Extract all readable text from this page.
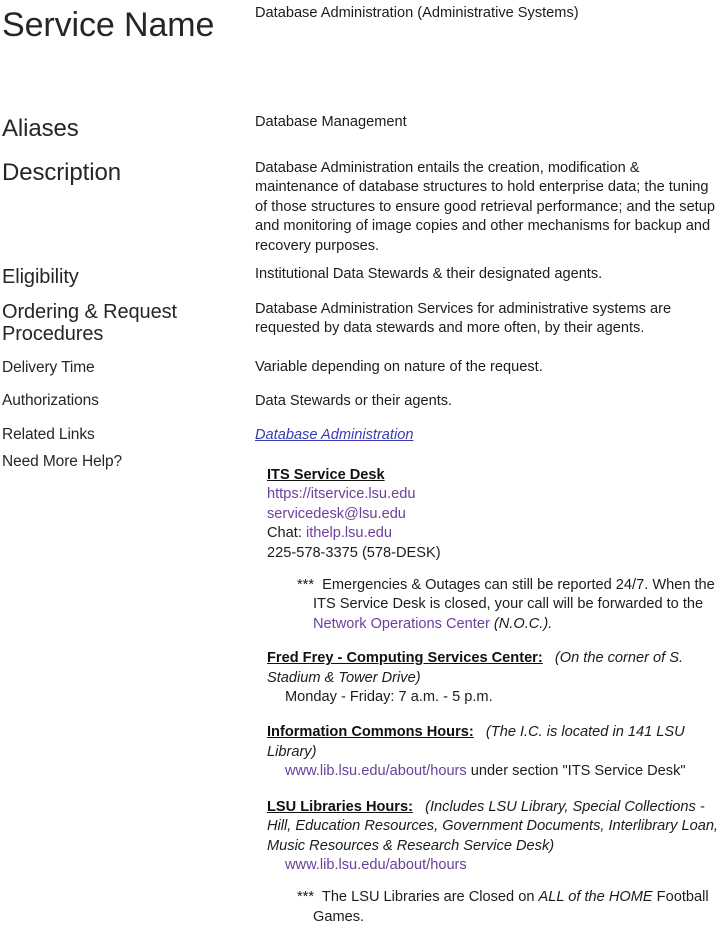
Service Name
Aliases
Description
Eligibility
Ordering & Request Procedures
Delivery Time
Authorizations
Related Links
Need More Help?
Database Administration (Administrative Systems)
Database Management
Database Administration entails the creation, modification & maintenance of database structures to hold enterprise data; the tuning of those structures to ensure good retrieval performance; and the setup and monitoring of image copies and other mechanisms for backup and recovery purposes.
Institutional Data Stewards & their designated agents.
Database Administration Services for administrative systems are requested by data stewards and more often, by their agents.
Variable depending on nature of the request.
Data Stewards or their agents.
Database Administration

ITS Service Desk

https://itservice.lsu.edu

servicedesk@lsu.edu

Chat: ithelp.lsu.edu

225-578-3375 (578-DESK)

*** Emergencies & Outages can still be reported 24/7. When the ITS Service Desk is closed, your call will be forwarded to the Network Operations Center (N.O.C.).

Fred Frey - Computing Services Center: (On the corner of S. Stadium & Tower Drive)

Monday - Friday: 7 a.m. - 5 p.m.

Information Commons Hours: (The I.C. is located in 141 LSU Library)

www.lib.lsu.edu/about/hours under section "ITS Service Desk"

LSU Libraries Hours: (Includes LSU Library, Special Collections - Hill, Education Resources, Government Documents, Interlibrary Loan, Music Resources & Research Service Desk)

www.lib.lsu.edu/about/hours

*** The LSU Libraries are Closed on ALL of the HOME Football Games.
